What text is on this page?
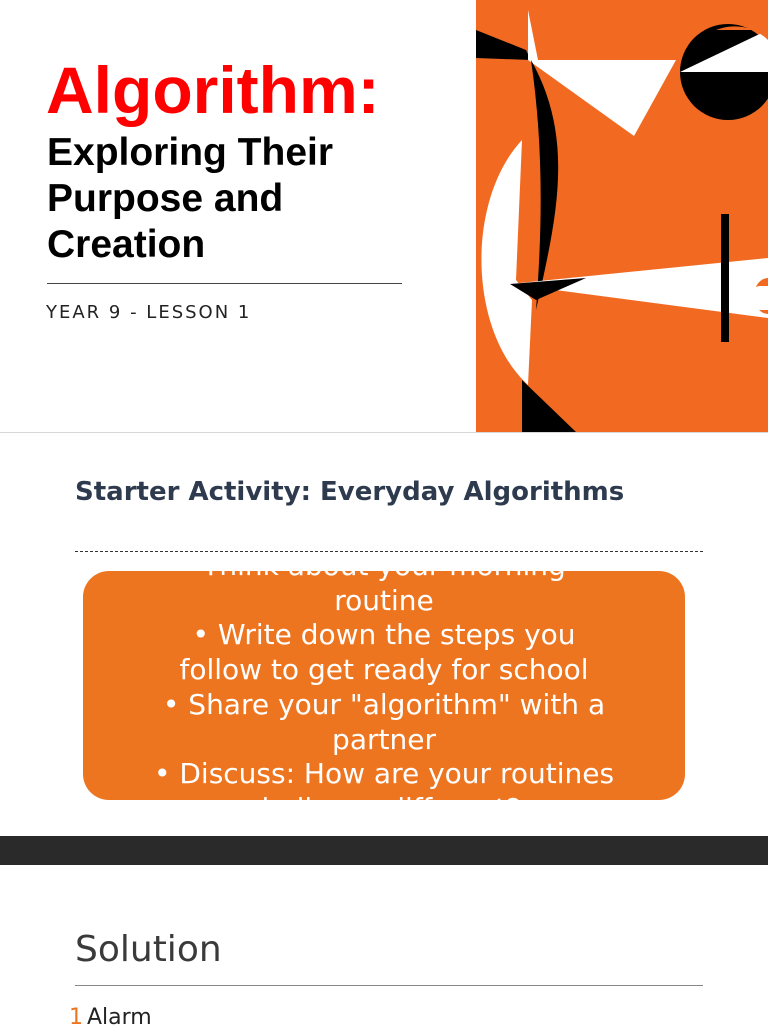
Algorithm:
Exploring Their
Purpose and
Creation

YEAR 9 - LESSON 1

Starter Activity: Everyday Algorithms

Think about your morning

routine

• Write down the steps you

follow to get ready for school

• Share your "algorithm" with a

partner

• Discuss: How are your routines

similar or different?

Solution
1 Alarm
